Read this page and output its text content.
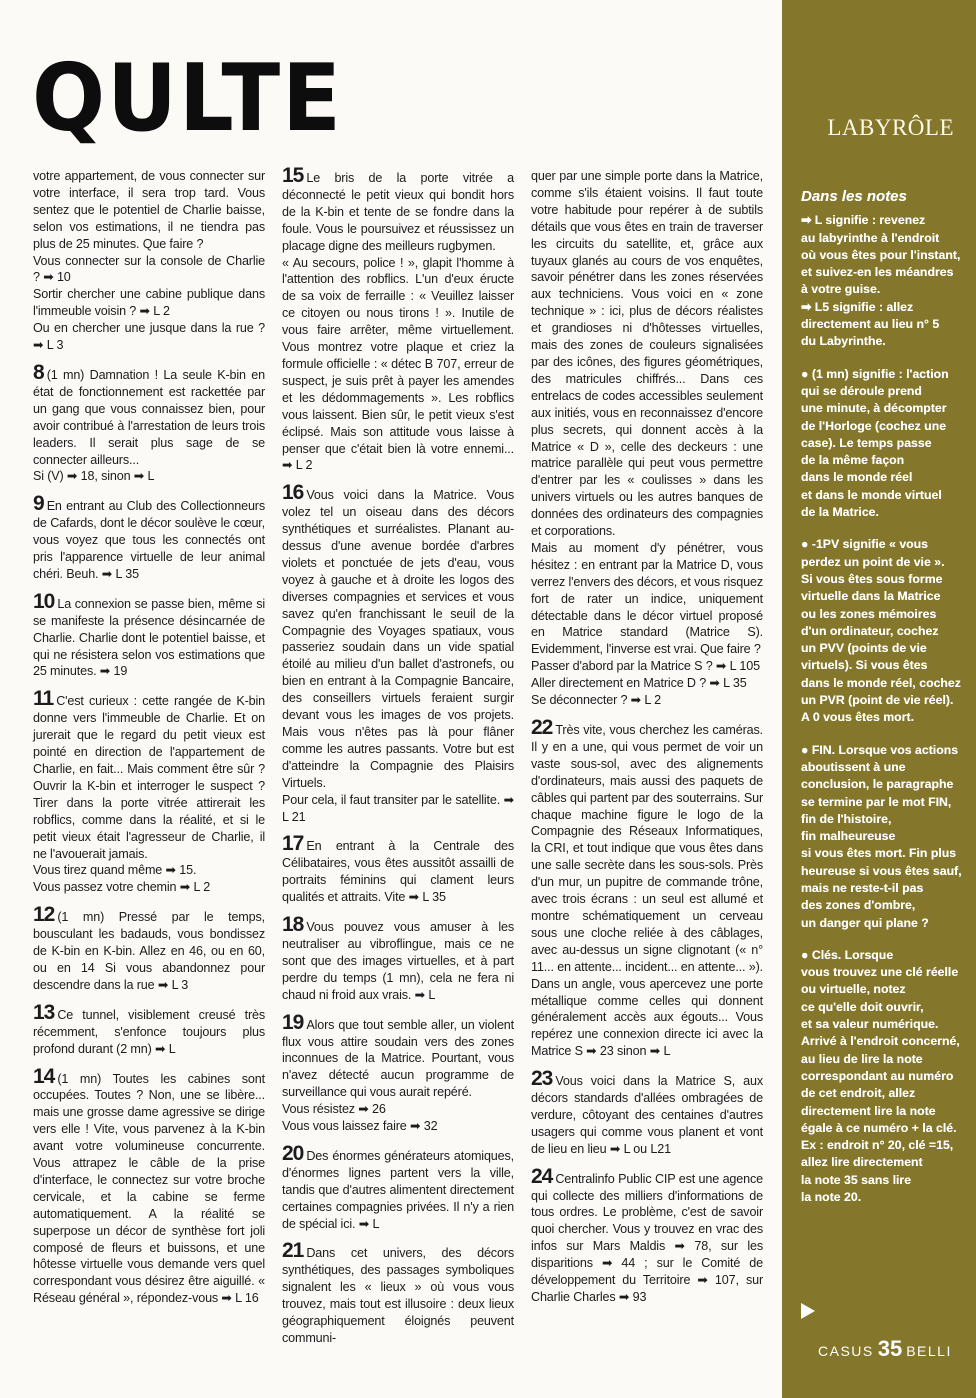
QULTE

votre appartement, de vous connecter sur votre interface, il sera trop tard. Vous sentez que le potentiel de Charlie baisse, selon vos estimations, il ne tiendra pas plus de 25 minutes. Que faire ?
Vous connecter sur la console de Charlie ? ➡ 10
Sortir chercher une cabine publique dans l'immeuble voisin ? ➡ L 2
Ou en chercher une jusque dans la rue ? ➡ L 3

8 (1 mn) Damnation ! La seule K-bin en état de fonctionnement est rackettée par un gang que vous connaissez bien, pour avoir contribué à l'arrestation de leurs trois leaders. Il serait plus sage de se connecter ailleurs...
Si (V) ➡ 18, sinon ➡ L

9 En entrant au Club des Collectionneurs de Cafards, dont le décor soulève le cœur, vous voyez que tous les connectés ont pris l'apparence virtuelle de leur animal chéri. Beuh. ➡ L 35

10 La connexion se passe bien, même si se manifeste la présence désincarnée de Charlie. Charlie dont le potentiel baisse, et qui ne résistera selon vos estimations que 25 minutes. ➡ 19

11 C'est curieux : cette rangée de K-bin donne vers l'immeuble de Charlie. Et on jurerait que le regard du petit vieux est pointé en direction de l'appartement de Charlie, en fait... Mais comment être sûr ? Ouvrir la K-bin et interroger le suspect ? Tirer dans la porte vitrée attirerait les robflics, comme dans la réalité, et si le petit vieux était l'agresseur de Charlie, il ne l'avouerait jamais.
Vous tirez quand même ➡ 15.
Vous passez votre chemin ➡ L 2

12 (1 mn) Pressé par le temps, bousculant les badauds, vous bondissez de K-bin en K-bin. Allez en 46, ou en 60, ou en 14 Si vous abandonnez pour descendre dans la rue ➡ L 3

13 Ce tunnel, visiblement creusé très récemment, s'enfonce toujours plus profond durant (2 mn) ➡ L

14 (1 mn) Toutes les cabines sont occupées. Toutes ? Non, une se libère... mais une grosse dame agressive se dirige vers elle ! Vite, vous parvenez à la K-bin avant votre volumineuse concurrente. Vous attrapez le câble de la prise d'interface, le connectez sur votre broche cervicale, et la cabine se ferme automatiquement. A la réalité se superpose un décor de synthèse fort joli composé de fleurs et buissons, et une hôtesse virtuelle vous demande vers quel correspondant vous désirez être aiguillé. « Réseau général », répondez-vous ➡ L 16

15 Le bris de la porte vitrée a déconnecté le petit vieux qui bondit hors de la K-bin et tente de se fondre dans la foule. Vous le poursuivez et réussissez un placage digne des meilleurs rugbymen.
« Au secours, police ! », glapit l'homme à l'attention des robflics. L'un d'eux éructe de sa voix de ferraille : « Veuillez laisser ce citoyen ou nous tirons ! ». Inutile de vous faire arrêter, même virtuellement. Vous montrez votre plaque et criez la formule officielle : « détec B 707, erreur de suspect, je suis prêt à payer les amendes et les dédommagements ». Les robflics vous laissent. Bien sûr, le petit vieux s'est éclipsé. Mais son attitude vous laisse à penser que c'était bien là votre ennemi... ➡ L 2

16 Vous voici dans la Matrice. Vous volez tel un oiseau dans des décors synthétiques et surréalistes. Planant au-dessus d'une avenue bordée d'arbres violets et ponctuée de jets d'eau, vous voyez à gauche et à droite les logos des diverses compagnies et services et vous savez qu'en franchissant le seuil de la Compagnie des Voyages spatiaux, vous passeriez soudain dans un vide spatial étoilé au milieu d'un ballet d'astronefs, ou bien en entrant à la Compagnie Bancaire, des conseillers virtuels feraient surgir devant vous les images de vos projets. Mais vous n'êtes pas là pour flâner comme les autres passants. Votre but est d'atteindre la Compagnie des Plaisirs Virtuels.
Pour cela, il faut transiter par le satellite. ➡ L 21

17 En entrant à la Centrale des Célibataires, vous êtes aussitôt assailli de portraits féminins qui clament leurs qualités et attraits. Vite ➡ L 35

18 Vous pouvez vous amuser à les neutraliser au vibroflingue, mais ce ne sont que des images virtuelles, et à part perdre du temps (1 mn), cela ne fera ni chaud ni froid aux vrais. ➡ L

19 Alors que tout semble aller, un violent flux vous attire soudain vers des zones inconnues de la Matrice. Pourtant, vous n'avez détecté aucun programme de surveillance qui vous aurait repéré.
Vous résistez ➡ 26
Vous vous laissez faire ➡ 32

20 Des énormes générateurs atomiques, d'énormes lignes partent vers la ville, tandis que d'autres alimentent directement certaines compagnies privées. Il n'y a rien de spécial ici. ➡ L

21 Dans cet univers, des décors synthétiques, des passages symboliques signalent les « lieux » où vous vous trouvez, mais tout est illusoire : deux lieux géographiquement éloignés peuvent communi-

quer par une simple porte dans la Matrice, comme s'ils étaient voisins. Il faut toute votre habitude pour repérer à de subtils détails que vous êtes en train de traverser les circuits du satellite, et, grâce aux tuyaux glanés au cours de vos enquêtes, savoir pénétrer dans les zones réservées aux techniciens. Vous voici en « zone technique » : ici, plus de décors réalistes et grandioses ni d'hôtesses virtuelles, mais des zones de couleurs signalisées par des icônes, des figures géométriques, des matricules chiffrés... Dans ces entrelacs de codes accessibles seulement aux initiés, vous en reconnaissez d'encore plus secrets, qui donnent accès à la Matrice « D », celle des deckeurs : une matrice parallèle qui peut vous permettre d'entrer par les « coulisses » dans les univers virtuels ou les autres banques de données des ordinateurs des compagnies et corporations.
Mais au moment d'y pénétrer, vous hésitez : en entrant par la Matrice D, vous verrez l'envers des décors, et vous risquez fort de rater un indice, uniquement détectable dans le décor virtuel proposé en Matrice standard (Matrice S). Evidemment, l'inverse est vrai. Que faire ?
Passer d'abord par la Matrice S ? ➡ L 105
Aller directement en Matrice D ? ➡ L 35
Se déconnecter ? ➡ L 2

22 Très vite, vous cherchez les caméras. Il y en a une, qui vous permet de voir un vaste sous-sol, avec des alignements d'ordinateurs, mais aussi des paquets de câbles qui partent par des souterrains. Sur chaque machine figure le logo de la Compagnie des Réseaux Informatiques, la CRI, et tout indique que vous êtes dans une salle secrète dans les sous-sols. Près d'un mur, un pupitre de commande trône, avec trois écrans : un seul est allumé et montre schématiquement un cerveau sous une cloche reliée à des câblages, avec au-dessus un signe clignotant (« n° 11... en attente... incident... en attente... »). Dans un angle, vous apercevez une porte métallique comme celles qui donnent généralement accès aux égouts... Vous repérez une connexion directe ici avec la Matrice S ➡ 23 sinon ➡ L

23 Vous voici dans la Matrice S, aux décors standards d'allées ombragées de verdure, côtoyant des centaines d'autres usagers qui comme vous planent et vont de lieu en lieu ➡ L ou L21

24 Centralinfo Public CIP est une agence qui collecte des milliers d'informations de tous ordres. Le problème, c'est de savoir quoi chercher. Vous y trouvez en vrac des infos sur Mars Maldis ➡ 78, sur les disparitions ➡ 44 ; sur le Comité de développement du Territoire ➡ 107, sur Charlie Charles ➡ 93

LABYRÔLE
Dans les notes

➡ L signifie : revenez
au labyrinthe à l'endroit
où vous êtes pour l'instant,
et suivez-en les méandres
à votre guise.
➡ L5 signifie : allez
directement au lieu n° 5
du Labyrinthe.

● (1 mn) signifie : l'action
qui se déroule prend
une minute, à décompter
de l'Horloge (cochez une
case). Le temps passe
de la même façon
dans le monde réel
et dans le monde virtuel
de la Matrice.

● -1PV signifie « vous
perdez un point de vie ».
Si vous êtes sous forme
virtuelle dans la Matrice
ou les zones mémoires
d'un ordinateur, cochez
un PVV (points de vie
virtuels). Si vous êtes
dans le monde réel, cochez
un PVR (point de vie réel).
A 0 vous êtes mort.

● FIN. Lorsque vos actions
aboutissent à une
conclusion, le paragraphe
se termine par le mot FIN,
fin de l'histoire,
fin malheureuse
si vous êtes mort. Fin plus
heureuse si vous êtes sauf,
mais ne reste-t-il pas
des zones d'ombre,
un danger qui plane ?

● Clés. Lorsque
vous trouvez une clé réelle
ou virtuelle, notez
ce qu'elle doit ouvrir,
et sa valeur numérique.
Arrivé à l'endroit concerné,
au lieu de lire la note
correspondant au numéro
de cet endroit, allez
directement lire la note
égale à ce numéro + la clé.
Ex : endroit n° 20, clé =15,
allez lire directement
la note 35 sans lire
la note 20.

CASUS 35 BELLI
